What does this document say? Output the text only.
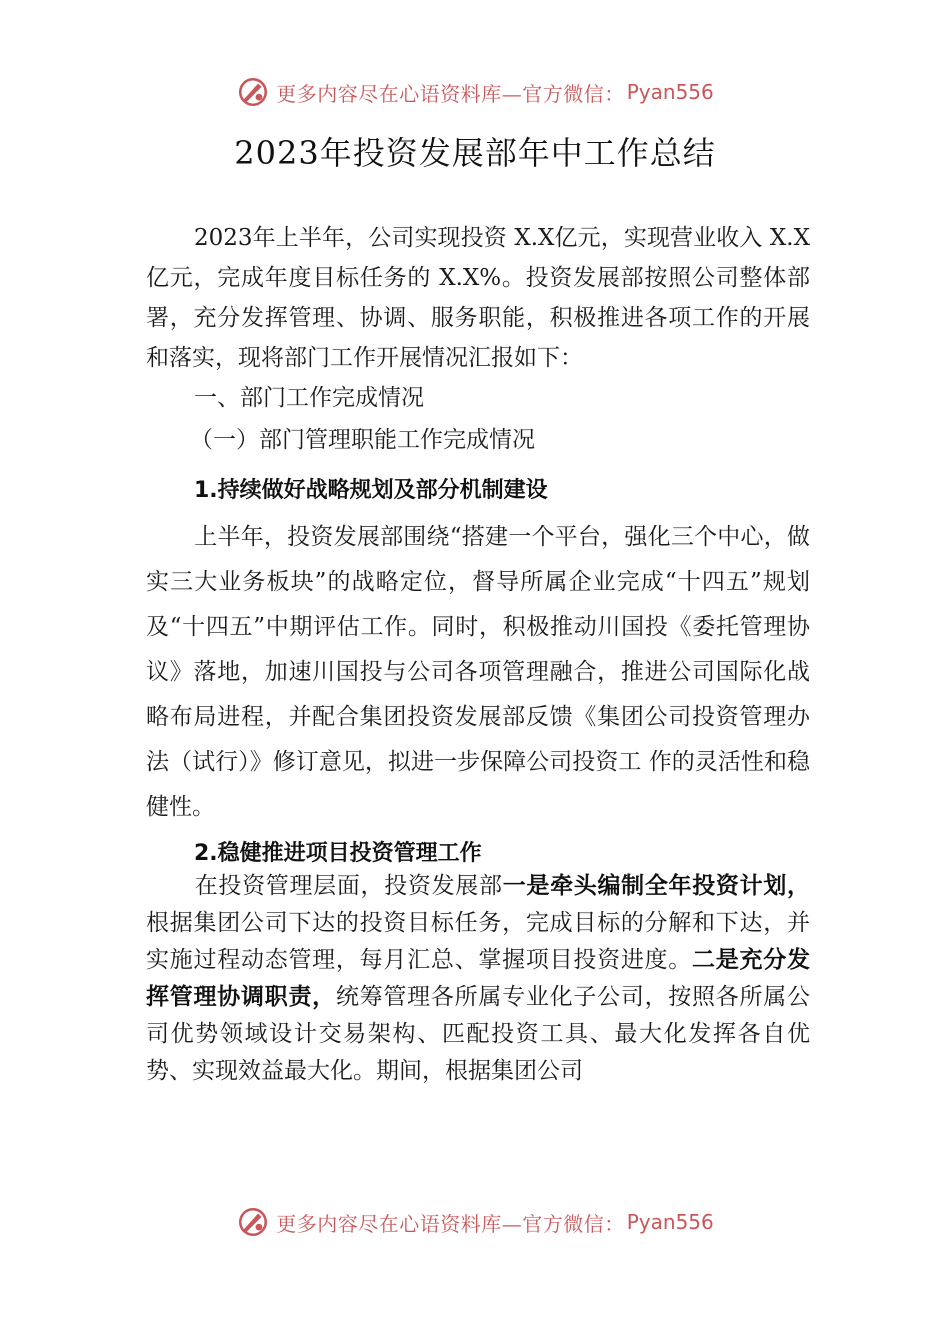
更多内容尽在心语资料库—官方微信： Pyan556
2023年投资发展部年中工作总结
2023年上半年，公司实现投资 X.X亿元，实现营业收入 X.X亿元，完成年度目标任务的 X.X%。投资发展部按照公司整体部署，充分发挥管理、协调、服务职能，积极推进各项工作的开展和落实，现将部门工作开展情况汇报如下：
一、部门工作完成情况
（一）部门管理职能工作完成情况
1.持续做好战略规划及部分机制建设
上半年，投资发展部围绕“搭建一个平台，强化三个中心，做实三大业务板块”的战略定位，督导所属企业完成“十四五”规划及“十四五”中期评估工作。同时，积极推动川国投《委托管理协议》落地，加速川国投与公司各项管理融合，推进公司国际化战略布局进程，并配合集团投资发展部反馈《集团公司投资管理办法（试行）》修订意见，拟进一步保障公司投资工 作的灵活性和稳健性。
2.稳健推进项目投资管理工作
在投资管理层面，投资发展部一是牵头编制全年投资计划，根据集团公司下达的投资目标任务，完成目标的分解和下达，并实施过程动态管理，每月汇总、掌握项目投资进度。二是充分发挥管理协调职责，统筹管理各所属专业化子公司，按照各所属公司优势领域设计交易架构、匹配投资工具、最大化发挥各自优势、实现效益最大化。期间，根据集团公司
更多内容尽在心语资料库—官方微信： Pyan556
